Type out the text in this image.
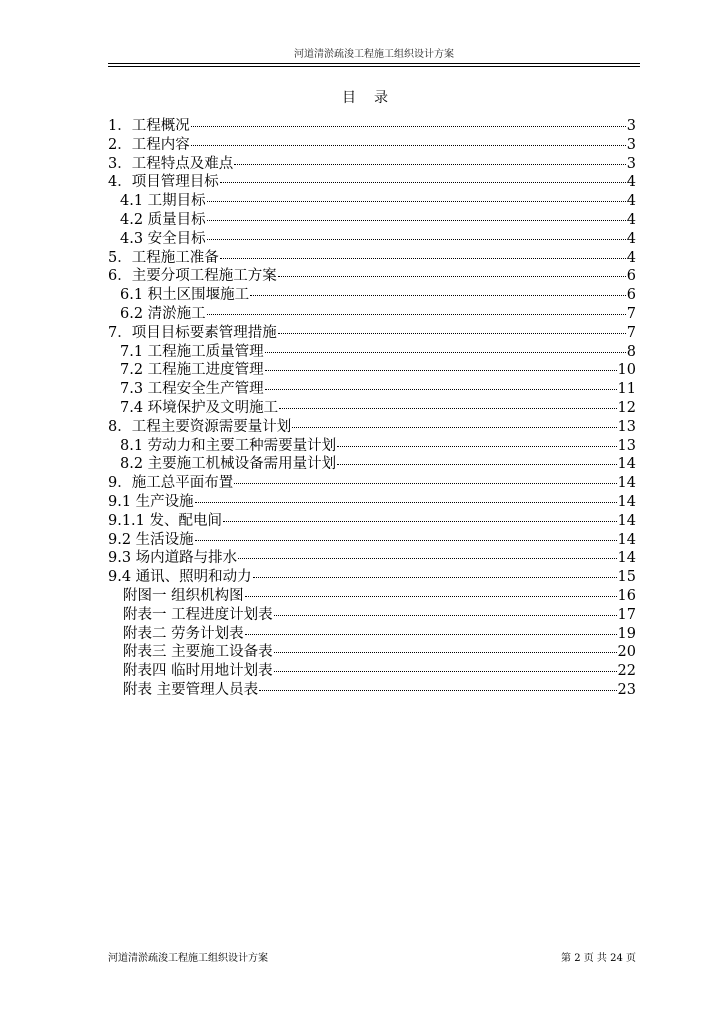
河道清淤疏浚工程施工组织设计方案
目录
1．工程概况	3
2．工程内容	3
3．工程特点及难点	3
4．项目管理目标	4
4.1 工期目标	4
4.2 质量目标	4
4.3 安全目标	4
5．工程施工准备	4
6．主要分项工程施工方案	6
6.1 积土区围堰施工	6
6.2 清淤施工	7
7．项目目标要素管理措施	7
7.1 工程施工质量管理	8
7.2 工程施工进度管理	10
7.3 工程安全生产管理	11
7.4 环境保护及文明施工	12
8．工程主要资源需要量计划	13
8.1 劳动力和主要工种需要量计划	13
8.2 主要施工机械设备需用量计划	14
9．施工总平面布置	14
9.1 生产设施	14
9.1.1 发、配电间	14
9.2 生活设施	14
9.3 场内道路与排水	14
9.4 通讯、照明和动力	15
附图一 组织机构图	16
附表一 工程进度计划表	17
附表二 劳务计划表	19
附表三 主要施工设备表	20
附表四 临时用地计划表	22
附表 主要管理人员表	23
河道清淤疏浚工程施工组织设计方案	第 2 页 共 24 页
